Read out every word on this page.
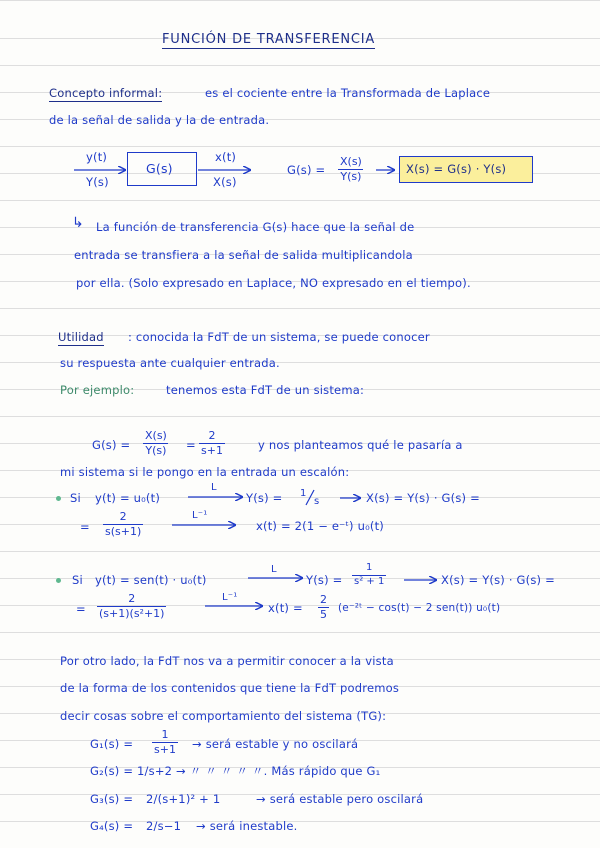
FUNCIÓN DE TRANSFERENCIA
Concepto informal:	es el cociente entre la Transformada de Laplace
de la señal de salida y la de entrada.
y(t)
Y(s)
G(s)
x(t)
X(s)
$G(s) = \frac{X(s)}{Y(s)}$	X(s) = G(s) · Y(s)
↳ La función de transferencia G(s) hace que la señal de
entrada se transfiera a la señal de salida multiplicandola
por ella. (Solo expresado en Laplace, NO expresado en el tiempo).
Utilidad : conocida la FdT de un sistema, se puede conocer
su respuesta ante cualquier entrada.
Por ejemplo:	tenemos esta FdT de un sistema:
$G(s) = \frac{X(s)}{Y(s)} = \frac{2}{s+1}$	y nos planteamos qué le pasaría a
mi sistema si le pongo en la entrada un escalón:
Si y(t) = u₀(t)
L
Y(s) = 1
s	X(s) = Y(s) · G(s) =
= $\frac{2}{s(s+1)}$	L⁻¹
x(t) = 2(1 − e⁻ᵗ) u₀(t)
Si y(t) = sen(t) · u₀(t)
L
$Y(s) = \frac{1}{\text{s² + 1}}$	X(s) = Y(s) · G(s) =
= $\frac{2}{\text{(s+1)(s²+1)}}$	L⁻¹
$x(t) = \frac{2}{5}$ (e⁻²ᵗ − cos(t) − 2 sen(t)) u₀(t)
Por otro lado, la FdT nos va a permitir conocer a la vista
de la forma de los contenidos que tiene la FdT podremos
decir cosas sobre el comportamiento del sistema (TG):
$G_1(s) = \frac{1}{s+1}$ → será estable y no oscilará
G₂(s) = 1/s+2 → 〃 〃 〃 〃 〃. Más rápido que G₁
G₃(s) = 2/(s+1)² + 1	→ será estable pero oscilará
G₄(s) = 2/s−1 → será inestable.
